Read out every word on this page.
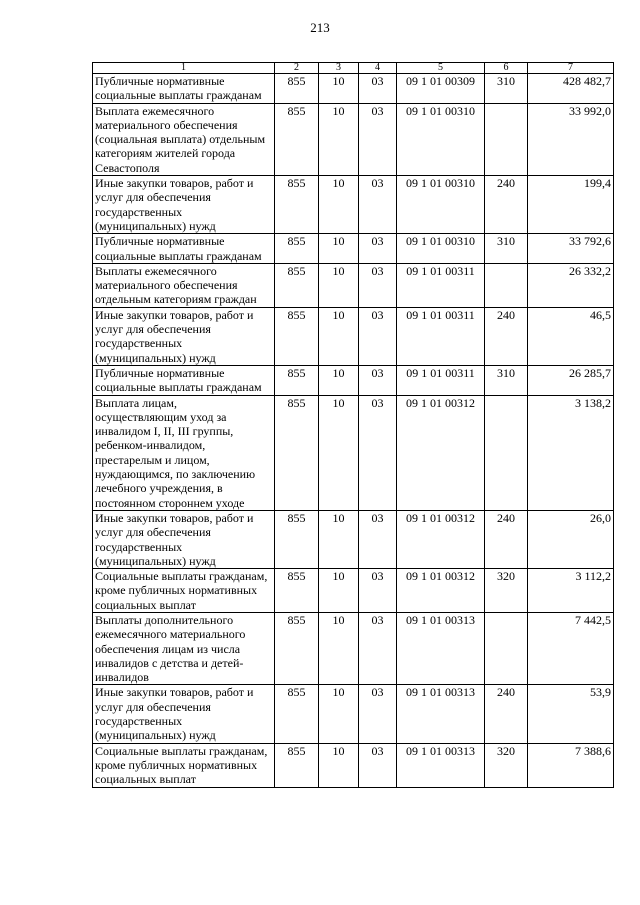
213
1	2	3	4	5	6	7
Публичные нормативные социальные выплаты гражданам	855	10	03	09 1 01 00309	310	428 482,7
Выплата ежемесячного материального обеспечения (социальная выплата) отдельным категориям жителей города Севастополя	855	10	03	09 1 01 00310		33 992,0
Иные закупки товаров, работ и услуг для обеспечения государственных (муниципальных) нужд	855	10	03	09 1 01 00310	240	199,4
Публичные нормативные социальные выплаты гражданам	855	10	03	09 1 01 00310	310	33 792,6
Выплаты ежемесячного материального обеспечения отдельным категориям граждан	855	10	03	09 1 01 00311		26 332,2
Иные закупки товаров, работ и услуг для обеспечения государственных (муниципальных) нужд	855	10	03	09 1 01 00311	240	46,5
Публичные нормативные социальные выплаты гражданам	855	10	03	09 1 01 00311	310	26 285,7
Выплата лицам, осуществляющим уход за инвалидом I, II, III группы, ребенком-инвалидом, престарелым и лицом, нуждающимся, по заключению лечебного учреждения, в постоянном стороннем уходе	855	10	03	09 1 01 00312		3 138,2
Иные закупки товаров, работ и услуг для обеспечения государственных (муниципальных) нужд	855	10	03	09 1 01 00312	240	26,0
Социальные выплаты гражданам, кроме публичных нормативных социальных выплат	855	10	03	09 1 01 00312	320	3 112,2
Выплаты дополнительного ежемесячного материального обеспечения лицам из числа инвалидов с детства и детей-инвалидов	855	10	03	09 1 01 00313		7 442,5
Иные закупки товаров, работ и услуг для обеспечения государственных (муниципальных) нужд	855	10	03	09 1 01 00313	240	53,9
Социальные выплаты гражданам, кроме публичных нормативных социальных выплат	855	10	03	09 1 01 00313	320	7 388,6
